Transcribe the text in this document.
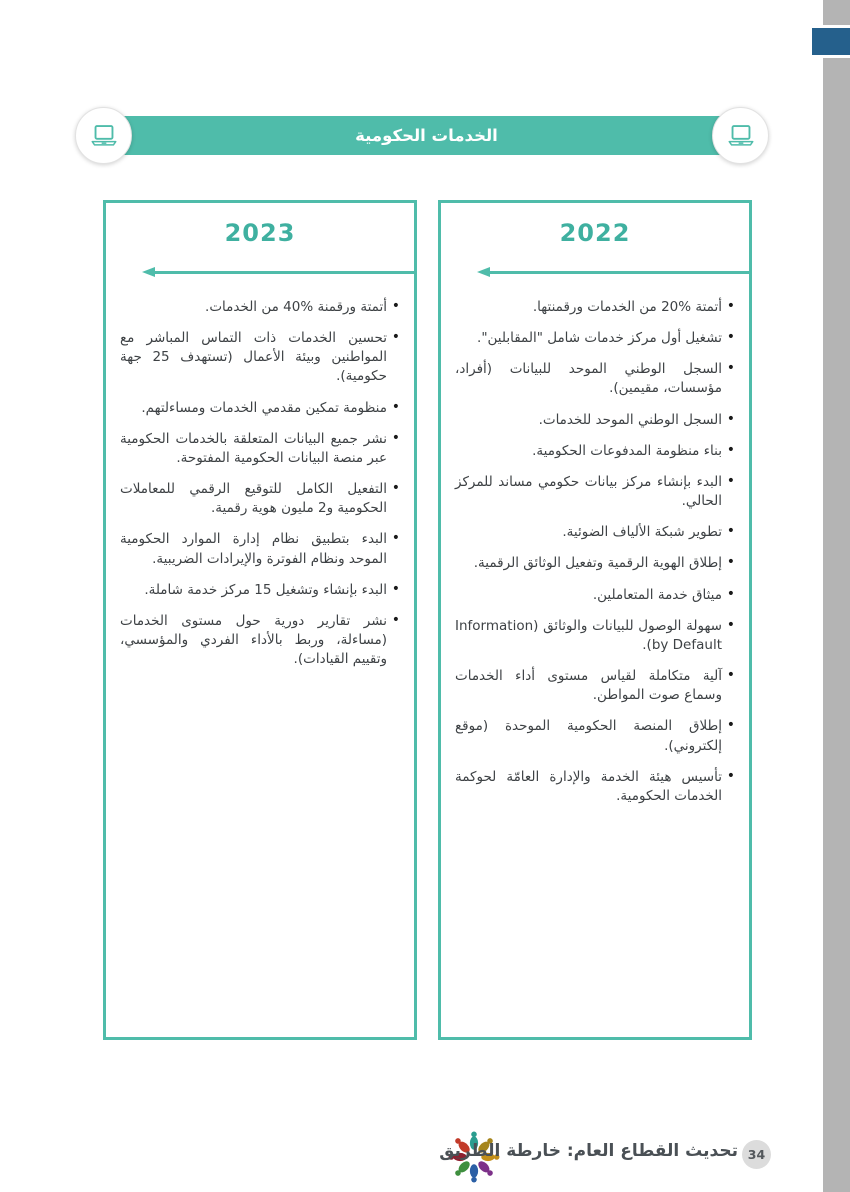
الخدمات الحكومية
2023
• أتمتة ورقمنة %40 من الخدمات.
• تحسين الخدمات ذات التماس المباشر مع المواطنين وبيئة الأعمال (تستهدف 25 جهة حكومية).
• منظومة تمكين مقدمي الخدمات ومساءلتهم.
• نشر جميع البيانات المتعلقة بالخدمات الحكومية عبر منصة البيانات الحكومية المفتوحة.
• التفعيل الكامل للتوقيع الرقمي للمعاملات الحكومية و2 مليون هوية رقمية.
• البدء بتطبيق نظام إدارة الموارد الحكومية الموحد ونظام الفوترة والإيرادات الضريبية.
• البدء بإنشاء وتشغيل 15 مركز خدمة شاملة.
• نشر تقارير دورية حول مستوى الخدمات (مساءلة، وربط بالأداء الفردي والمؤسسي، وتقييم القيادات).
2022
• أتمتة %20 من الخدمات ورقمنتها.
• تشغيل أول مركز خدمات شامل "المقابلين".
• السجل الوطني الموحد للبيانات (أفراد، مؤسسات، مقيمين).
• السجل الوطني الموحد للخدمات.
• بناء منظومة المدفوعات الحكومية.
• البدء بإنشاء مركز بيانات حكومي مساند للمركز الحالي.
• تطوير شبكة الألياف الضوئية.
• إطلاق الهوية الرقمية وتفعيل الوثائق الرقمية.
• ميثاق خدمة المتعاملين.
• سهولة الوصول للبيانات والوثائق (Information by Default).
• آلية متكاملة لقياس مستوى أداء الخدمات وسماع صوت المواطن.
• إطلاق المنصة الحكومية الموحدة (موقع إلكتروني).
• تأسيس هيئة الخدمة والإدارة العامّة لحوكمة الخدمات الحكومية.
تحديث القطاع العام: خارطة الطريق 34
